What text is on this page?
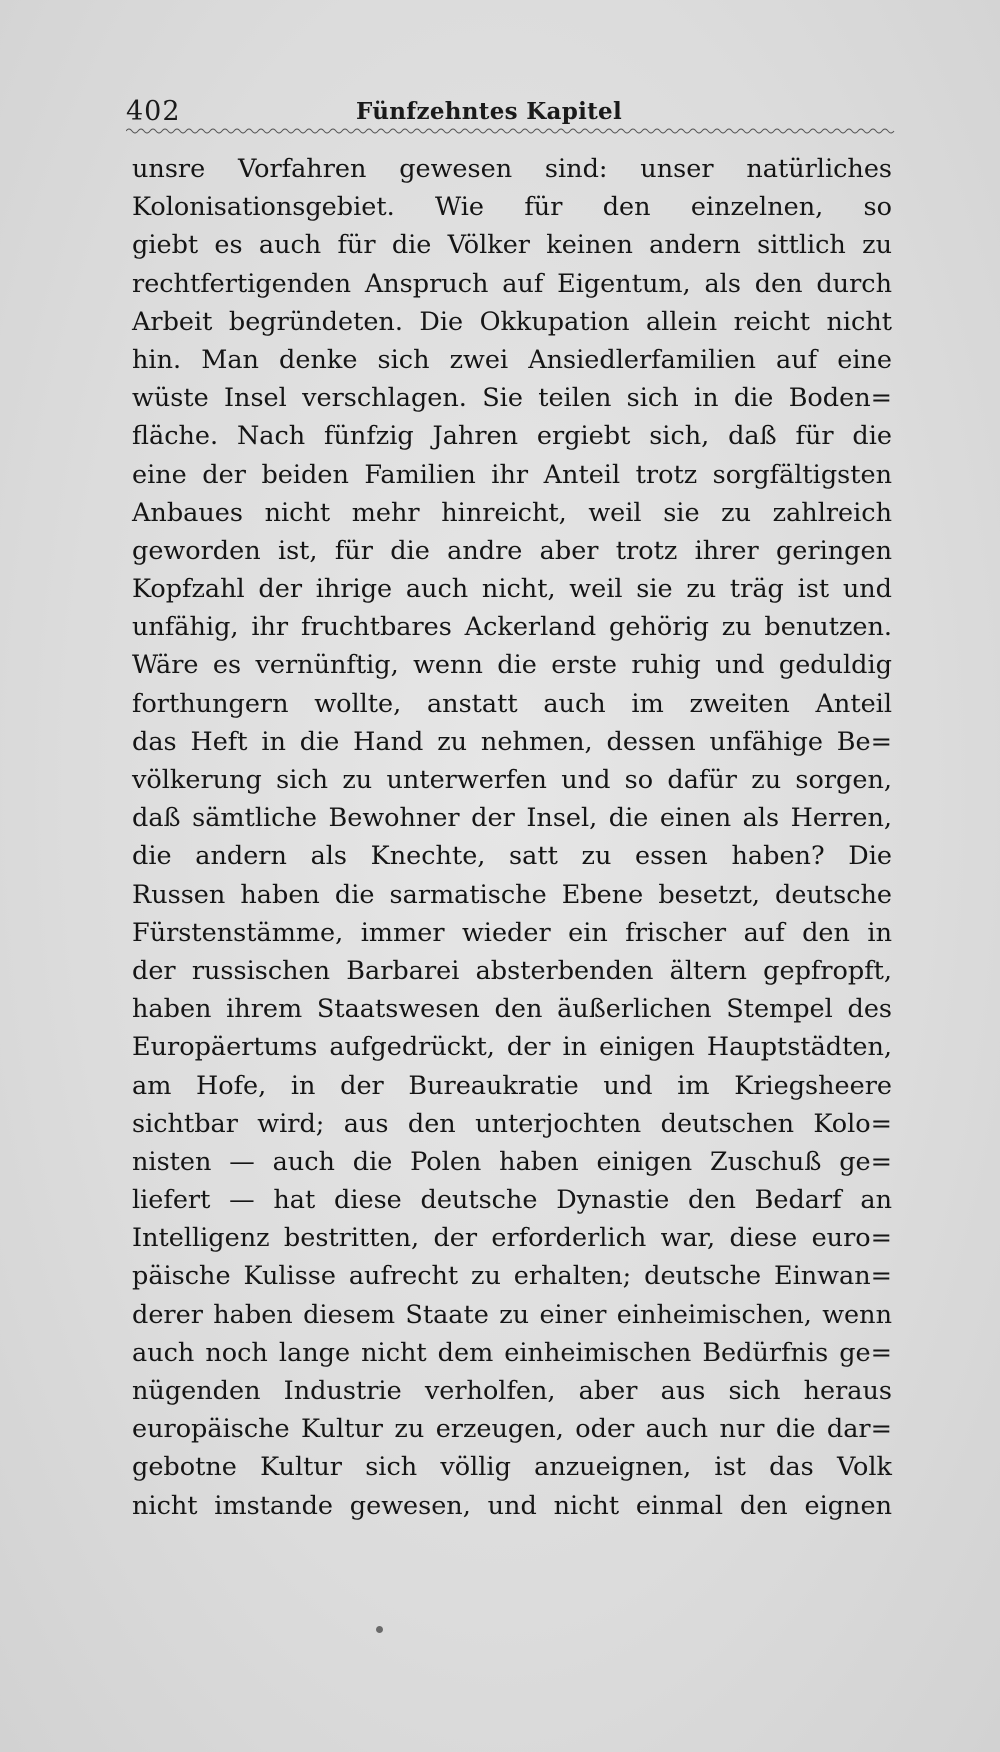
402	Fünfzehntes Kapitel
unsre Vorfahren gewesen sind: unser natürliches
Kolonisationsgebiet. Wie für den einzelnen, so
giebt es auch für die Völker keinen andern sittlich zu
rechtfertigenden Anspruch auf Eigentum, als den durch
Arbeit begründeten. Die Okkupation allein reicht nicht
hin. Man denke sich zwei Ansiedlerfamilien auf eine
wüste Insel verschlagen. Sie teilen sich in die Boden=
fläche. Nach fünfzig Jahren ergiebt sich, daß für die
eine der beiden Familien ihr Anteil trotz sorgfältigsten
Anbaues nicht mehr hinreicht, weil sie zu zahlreich
geworden ist, für die andre aber trotz ihrer geringen
Kopfzahl der ihrige auch nicht, weil sie zu träg ist und
unfähig, ihr fruchtbares Ackerland gehörig zu benutzen.
Wäre es vernünftig, wenn die erste ruhig und geduldig
forthungern wollte, anstatt auch im zweiten Anteil
das Heft in die Hand zu nehmen, dessen unfähige Be=
völkerung sich zu unterwerfen und so dafür zu sorgen,
daß sämtliche Bewohner der Insel, die einen als Herren,
die andern als Knechte, satt zu essen haben? Die
Russen haben die sarmatische Ebene besetzt, deutsche
Fürstenstämme, immer wieder ein frischer auf den in
der russischen Barbarei absterbenden ältern gepfropft,
haben ihrem Staatswesen den äußerlichen Stempel des
Europäertums aufgedrückt, der in einigen Hauptstädten,
am Hofe, in der Bureaukratie und im Kriegsheere
sichtbar wird; aus den unterjochten deutschen Kolo=
nisten — auch die Polen haben einigen Zuschuß ge=
liefert — hat diese deutsche Dynastie den Bedarf an
Intelligenz bestritten, der erforderlich war, diese euro=
päische Kulisse aufrecht zu erhalten; deutsche Einwan=
derer haben diesem Staate zu einer einheimischen, wenn
auch noch lange nicht dem einheimischen Bedürfnis ge=
nügenden Industrie verholfen, aber aus sich heraus
europäische Kultur zu erzeugen, oder auch nur die dar=
gebotne Kultur sich völlig anzueignen, ist das Volk
nicht imstande gewesen, und nicht einmal den eignen
